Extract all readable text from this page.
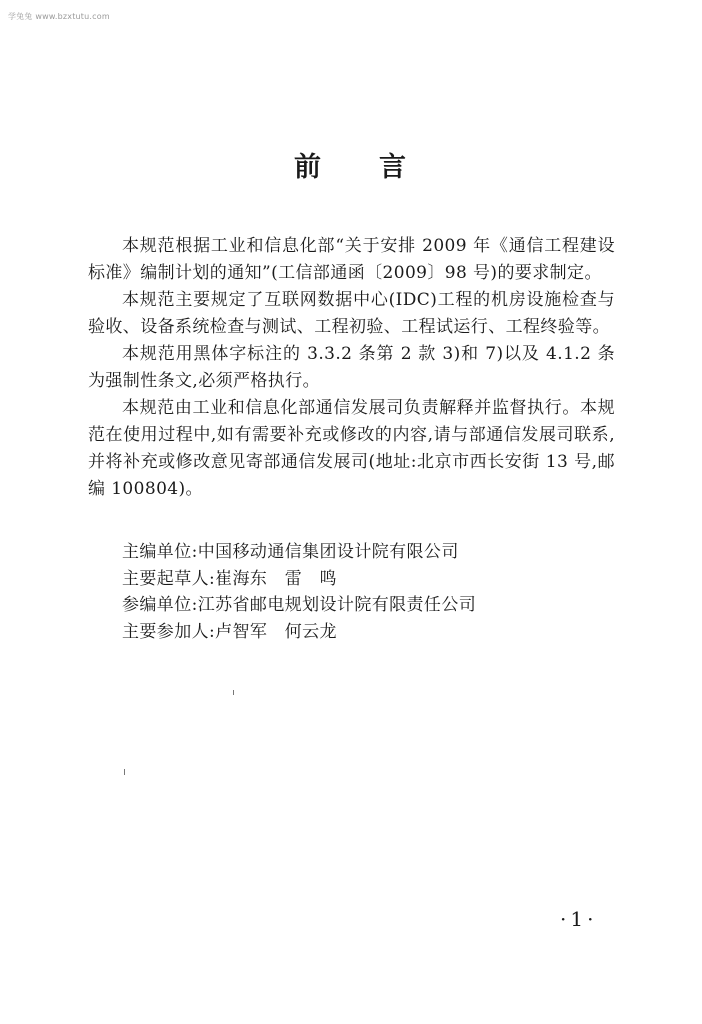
学兔兔 www.bzxtutu.com
前 言

本规范根据工业和信息化部“关于安排 2009 年《通信工程建设标准》编制计划的通知”(工信部通函〔2009〕98 号)的要求制定。

本规范主要规定了互联网数据中心(IDC)工程的机房设施检查与验收、设备系统检查与测试、工程初验、工程试运行、工程终验等。

本规范用黑体字标注的 3.3.2 条第 2 款 3)和 7)以及 4.1.2 条为强制性条文,必须严格执行。

本规范由工业和信息化部通信发展司负责解释并监督执行。本规范在使用过程中,如有需要补充或修改的内容,请与部通信发展司联系,并将补充或修改意见寄部通信发展司(地址:北京市西长安街 13 号,邮编 100804)。

主编单位:中国移动通信集团设计院有限公司
主要起草人:崔海东　雷　鸣
参编单位:江苏省邮电规划设计院有限责任公司
主要参加人:卢智军　何云龙
·1·
